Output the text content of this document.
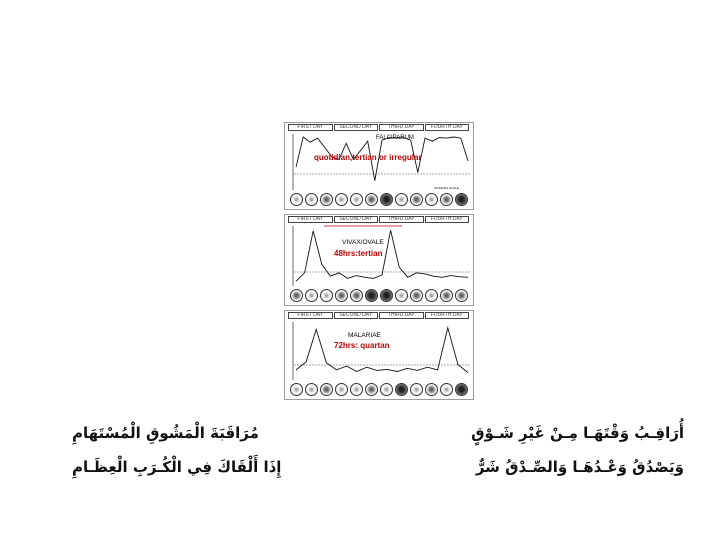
FIRST DAY	SECOND DAY	THIRD DAY	FOURTH DAY
FALCIPARUM
quotidian,tertian or irregular
INTERVAL SCALE
FIRST DAY	SECOND DAY	THIRD DAY	FOURTH DAY
VIVAX/OVALE
48hrs:tertian
FIRST DAY	SECOND DAY	THIRD DAY	FOURTH DAY
MALARIAE
72hrs: quartan
أُرَاقِـبُ وَقْتَهَـا مِـنْ غَيْرِ شَـوْقٍ
مُرَاقَبَةَ الْمَشُوقِ الْمُسْتَهَامِ
وَيَصْدُقُ وَعْـدُهَـا وَالصِّـدْقُ شَرٌّ
إِذَا أَلْقَاكَ فِي الْكُـرَبِ الْعِظَـامِ
